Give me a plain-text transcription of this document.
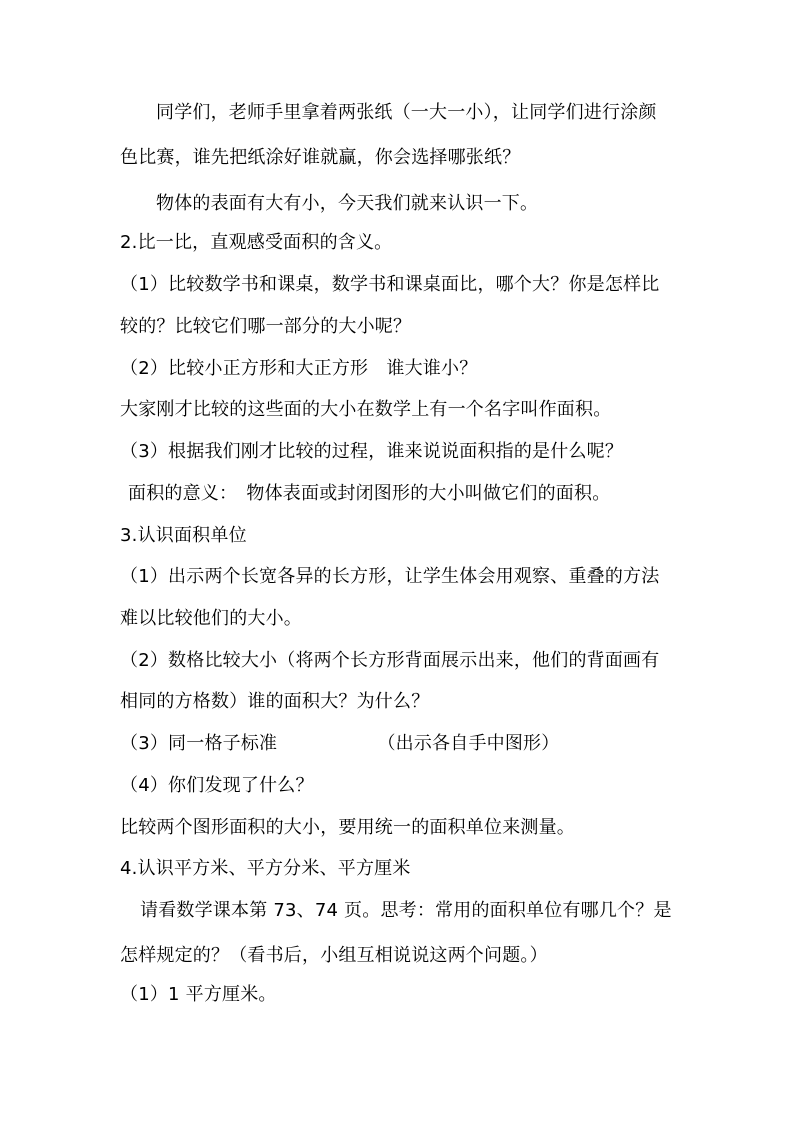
同学们，老师手里拿着两张纸（一大一小），让同学们进行涂颜
色比赛，谁先把纸涂好谁就赢，你会选择哪张纸？
物体的表面有大有小，今天我们就来认识一下。
2.比一比，直观感受面积的含义。
（1）比较数学书和课桌，数学书和课桌面比，哪个大？你是怎样比
较的？比较它们哪一部分的大小呢？
（2）比较小正方形和大正方形　谁大谁小？
大家刚才比较的这些面的大小在数学上有一个名字叫作面积。
（3）根据我们刚才比较的过程，谁来说说面积指的是什么呢？
面积的意义：　物体表面或封闭图形的大小叫做它们的面积。
3.认识面积单位
（1）出示两个长宽各异的长方形，让学生体会用观察、重叠的方法
难以比较他们的大小。
（2）数格比较大小（将两个长方形背面展示出来，他们的背面画有
相同的方格数）谁的面积大？为什么？
（3）同一格子标准　　　　　　（出示各自手中图形）
（4）你们发现了什么？
比较两个图形面积的大小，要用统一的面积单位来测量。
4.认识平方米、平方分米、平方厘米
请看数学课本第 73、74 页。思考：常用的面积单位有哪几个？是
怎样规定的？（看书后，小组互相说说这两个问题。）
（1）1 平方厘米。
